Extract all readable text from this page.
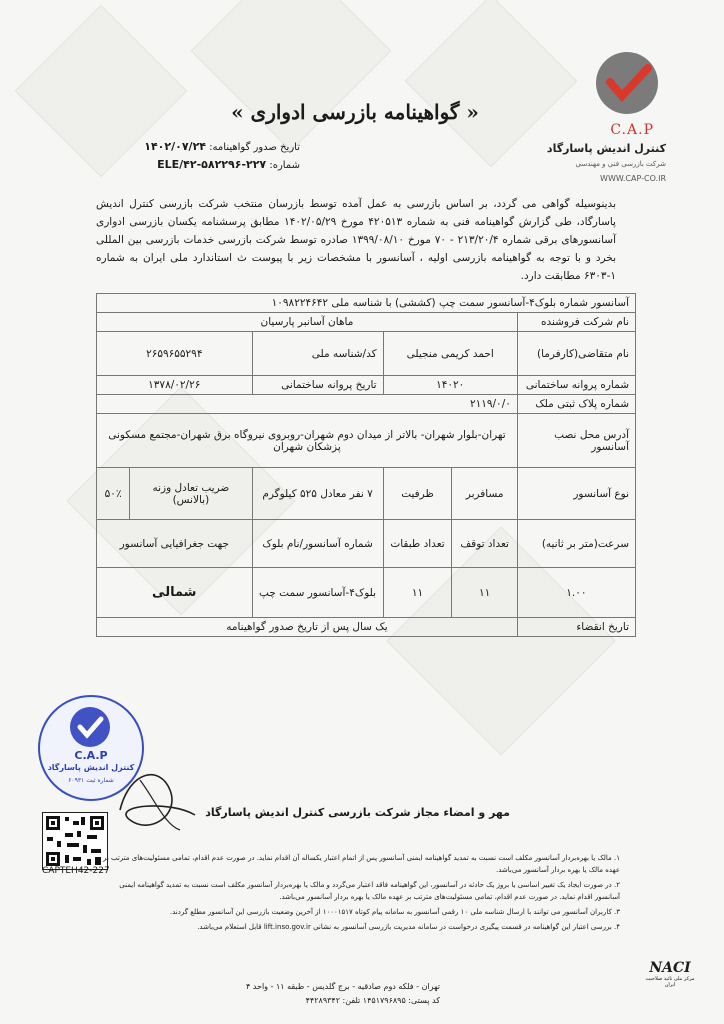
C.A.P
کنترل اندیش پاسارگاد
شرکت بازرسی فنی و مهندسی
WWW.CAP-CO.IR
« گواهینامه بازرسی ادواری »
تاریخ صدور گواهینامه: ۱۴۰۲/۰۷/۲۴
شماره: ELE/۴۲-۵۸۲۲۹۶-۲۲۷
بدینوسیله گواهی می گردد، بر اساس بازرسی به عمل آمده توسط بازرسان منتخب شرکت بازرسی کنترل اندیش پاسارگاد، طی گزارش گواهینامه فنی به شماره ۴۲۰۵۱۳ مورخ ۱۴۰۲/۰۵/۲۹ مطابق پرسشنامه یکسان بازرسی ادواری آسانسورهای برقی شماره ۲۱۳/۲۰/۴ - ۷۰ مورخ ۱۳۹۹/۰۸/۱۰ صادره توسط شرکت بازرسی خدمات بازرسی بین المللی بخرد و با توجه به گواهینامه بازرسی اولیه ، آسانسور با مشخصات زیر با پیوست ث استاندارد ملی ایران به شماره ۱-۶۳۰۳ مطابقت دارد.
آسانسور شماره بلوک۴-آسانسور سمت چپ (کششی) با شناسه ملی ۱۰۹۸۲۲۴۶۴۲					
نام شرکت فروشنده	ماهان آسانبر پارسیان				
نام متقاضی(کارفرما)	احمد کریمی منجیلی		کد/شناسه ملی	۲۶۵۹۶۵۵۲۹۴	
شماره پروانه ساختمانی	۱۴۰۲۰		تاریخ پروانه ساختمانی	۱۳۷۸/۰۲/۲۶	
شماره پلاک ثبتی ملک	۲۱۱۹/۰/۰				
آدرس محل نصب آسانسور	تهران-بلوار شهران- بالاتر از میدان دوم شهران-روبروی نیروگاه برق شهران-مجتمع مسکونی پزشکان شهران				
نوع آسانسور	مسافربر	ظرفیت	۷ نفر معادل ۵۲۵ کیلوگرم	ضریب تعادل وزنه (بالانس)	۵۰٪
سرعت(متر بر ثانیه)	تعداد توقف	تعداد طبقات	شماره آسانسور/نام بلوک	جهت جغرافیایی آسانسور	
۱.۰۰	۱۱	۱۱	بلوک۴-آسانسور سمت چپ	شمالی	
تاریخ انقضاء	یک سال پس از تاریخ صدور گواهینامه				
C.A.P
کنترل اندیش پاسارگاد
شماره ثبت ۶۰۹۳۱
مهر و امضاء مجاز شرکت بازرسی کنترل اندیش پاسارگاد
CAPTEH42-227

۱. مالک یا بهره‌بردار آسانسور مکلف است نسبت به تمدید گواهینامه ایمنی آسانسور پس از اتمام اعتبار یکساله آن اقدام نماید. در صورت عدم اقدام، تمامی مسئولیت‌های مترتب بر عهده مالک یا بهره بردار آسانسور می‌باشد.

۲. در صورت ایجاد یک تغییر اساسی یا بروز یک حادثه در آسانسور، این گواهینامه فاقد اعتبار می‌گردد و مالک یا بهره‌بردار آسانسور مکلف است نسبت به تمدید گواهینامه ایمنی آسانسور اقدام نماید. در صورت عدم اقدام، تمامی مسئولیت‌های مترتب بر عهده مالک یا بهره بردار آسانسور می‌باشد.

۳. کاربران آسانسور می توانند با ارسال شناسه ملی ۱۰ رقمی آسانسور به سامانه پیام کوتاه ۱۰۰۰۱۵۱۷ از آخرین وضعیت بازرسی این آسانسور مطلع گردند.

۴. بررسی اعتبار این گواهینامه در قسمت پیگیری درخواست در سامانه مدیریت بازرسی آسانسور به نشانی lift.inso.gov.ir قابل استعلام می‌باشد.

تهران - فلکه دوم صادقیه - برج گلدیس - طبقه ۱۱ - واحد ۴
کد پستی: ۱۴۵۱۷۹۶۸۹۵ تلفن: ۴۴۲۸۹۳۴۲
NACI
مرکز ملی تائید صلاحیت ایران
